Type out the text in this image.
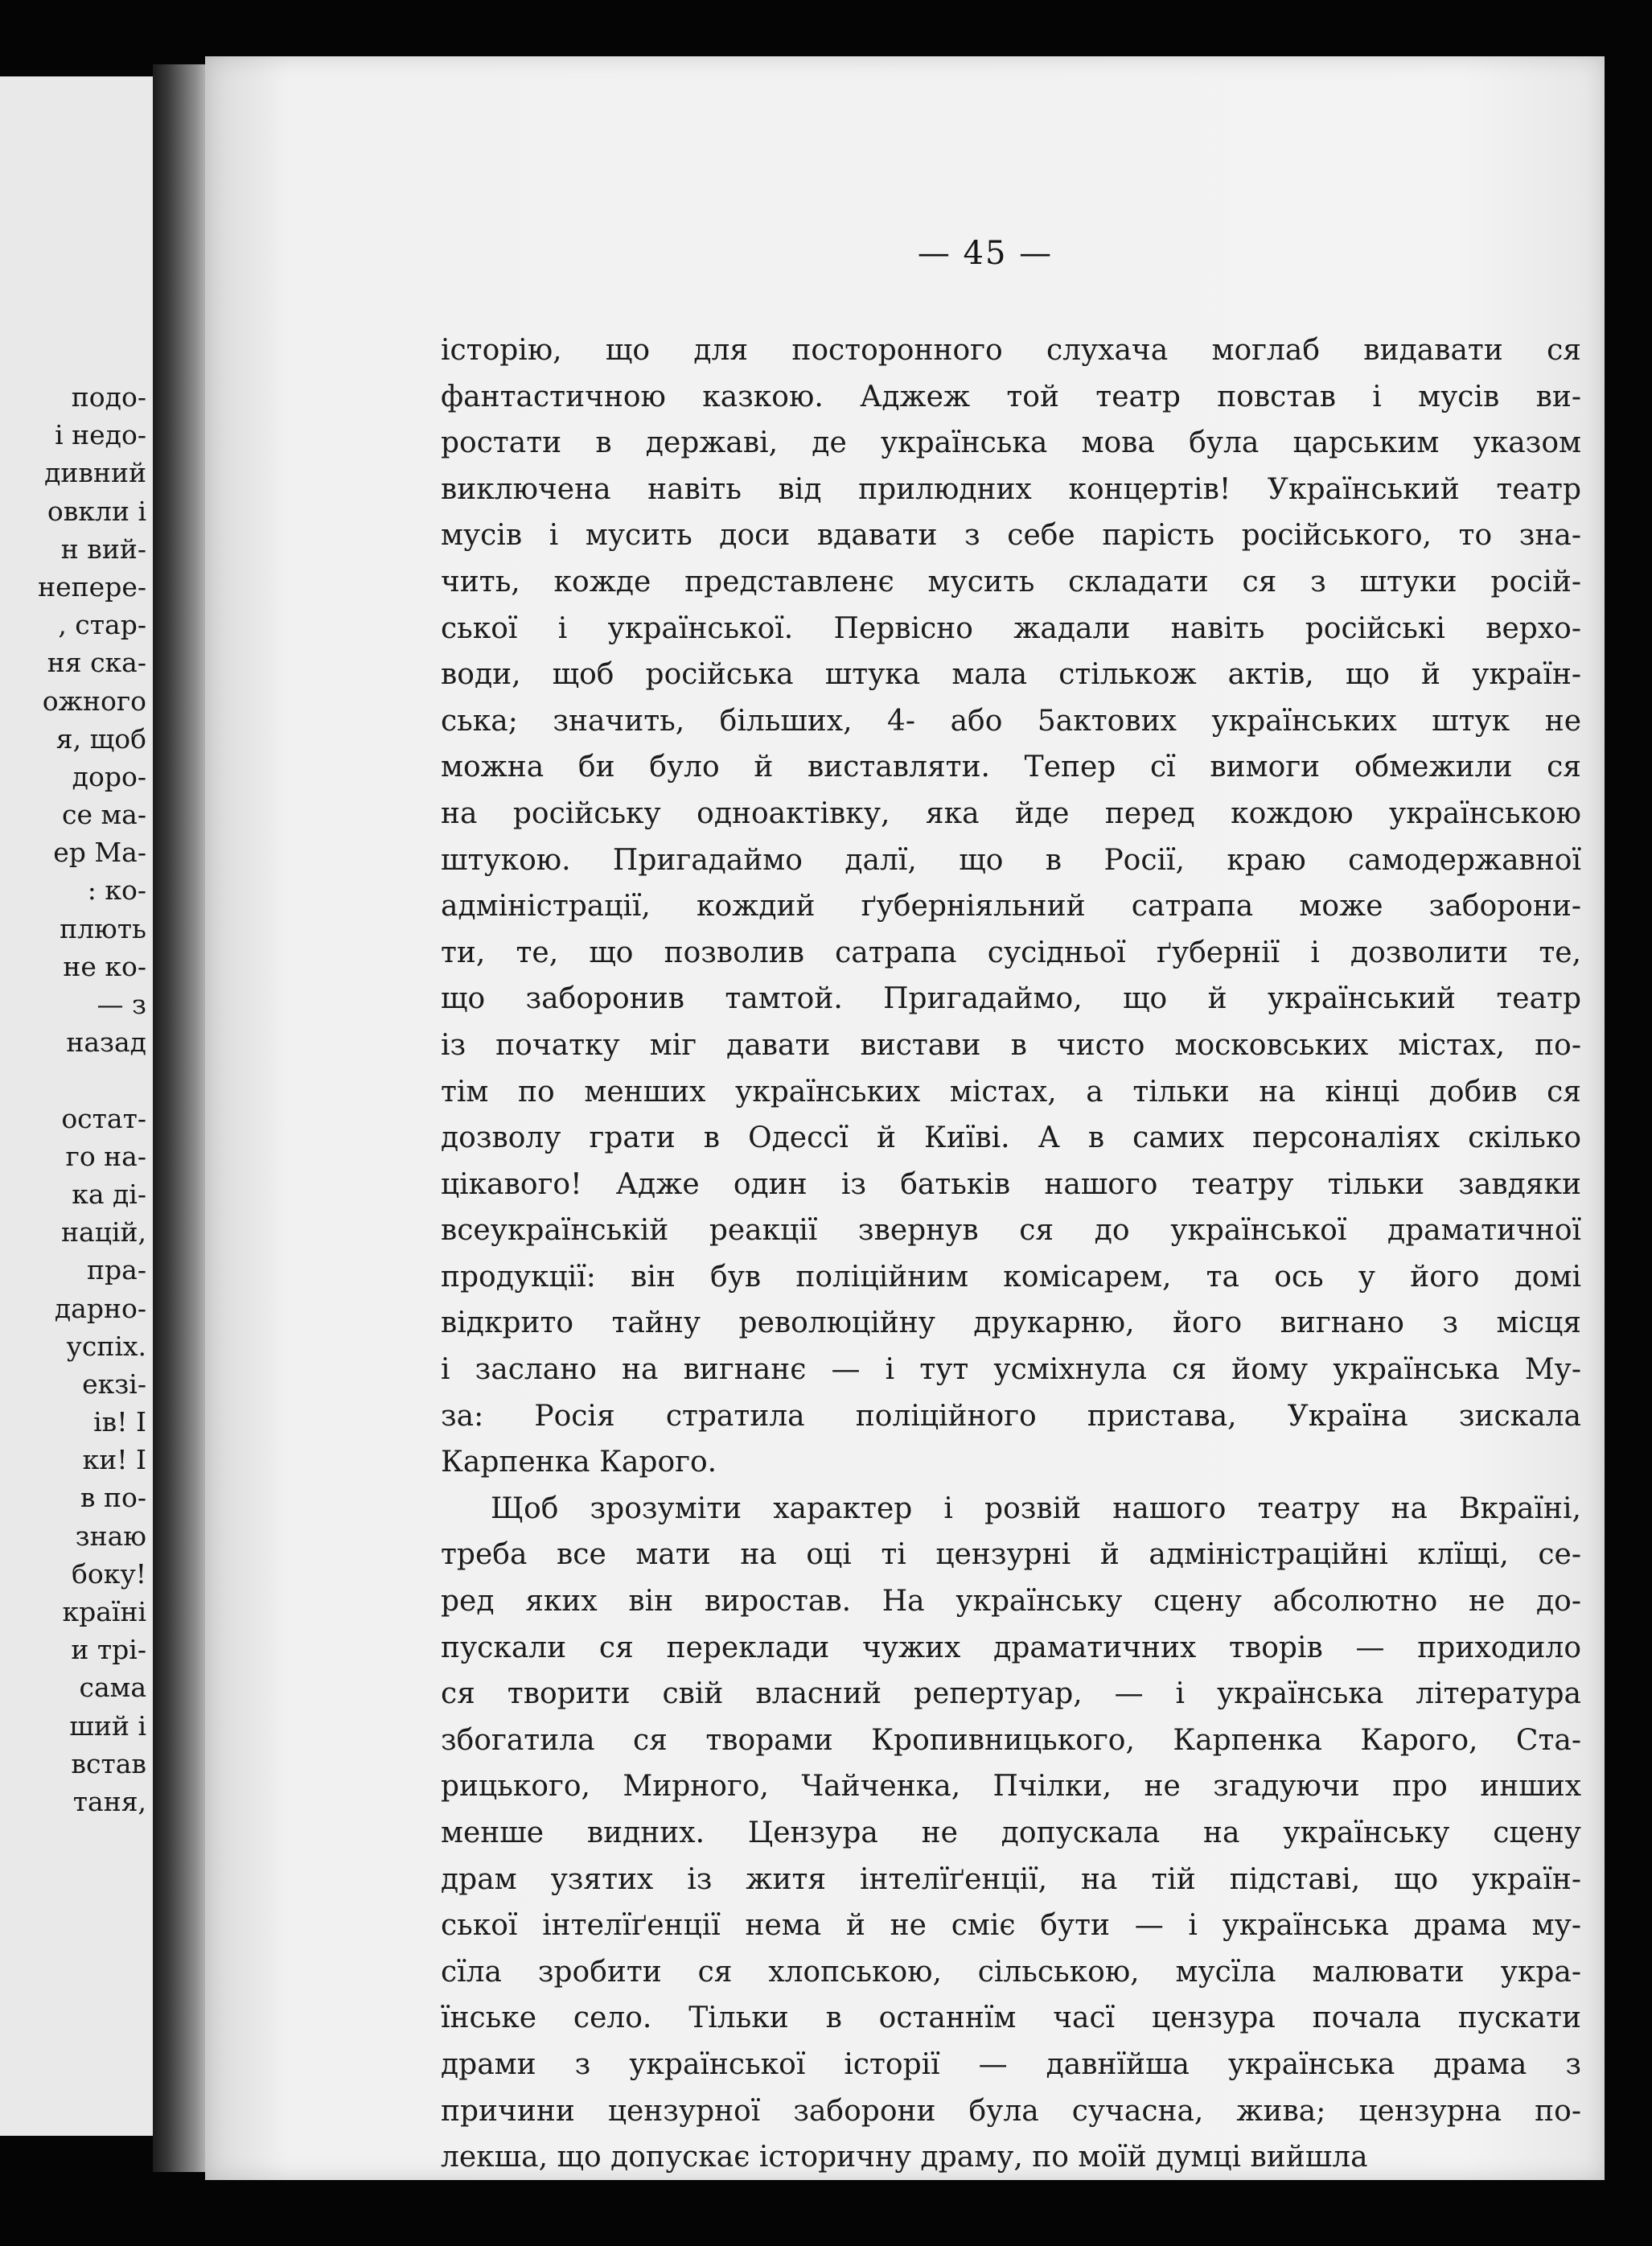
подо-
і недо-
дивний
овкли і
н вий-
непере-
, стар-
ня ска-
ожного
я, щоб
доро-
се ма-
ер Ма-
: ко-
плють
не ко-
— з
назад
остат-
го на-
ка ді-
націй,
пра-
дарно-
успіх.
екзі-
ів! І
ки! І
в по-
знаю
боку!
країні
и трі-
сама
ший і
встав
таня,
— 45 —
історію, що для посторонного слухача моглаб видавати ся
фантастичною казкою. Аджеж той театр повстав і мусів ви-
ростати в державі, де українська мова була царським указом
виключена навіть від прилюдних концертів! Український театр
мусів і мусить доси вдавати з себе парість російського, то зна-
чить, кожде представленє мусить складати ся з штуки росій-
ської і української. Первісно жадали навіть російські верхо-
води, щоб російська штука мала стількож актів, що й україн-
ська; значить, більших, 4- або 5актових українських штук не
можна би було й виставляти. Тепер сї вимоги обмежили ся
на російську одноактівку, яка йде перед кождою українською
штукою. Пригадаймо далї, що в Росії, краю самодержавної
адміністрації, кождий ґуберніяльний сатрапа може заборони-
ти, те, що позволив сатрапа сусідньої ґубернії і дозволити те,
що заборонив тамтой. Пригадаймо, що й український театр
із початку міг давати вистави в чисто московських містах, по-
тім по менших українських містах, а тільки на кінці добив ся
дозволу грати в Одессї й Київі. А в самих персоналіях скілько
цікавого! Адже один із батьків нашого театру тільки завдяки
всеукраїнській реакції звернув ся до української драматичної
продукції: він був поліційним комісарем, та ось у його домі
відкрито тайну революційну друкарню, його вигнано з місця
і заслано на вигнанє — і тут усміхнула ся йому українська Му-
за: Росія стратила поліційного пристава, Україна зискала
Карпенка Карого.
Щоб зрозуміти характер і розвій нашого театру на Вкраїні,
треба все мати на оці ті цензурні й адміністраційні клїщі, се-
ред яких він виростав. На українську сцену абсолютно не до-
пускали ся переклади чужих драматичних творів — приходило
ся творити свій власний репертуар, — і українська література
збогатила ся творами Кропивницького, Карпенка Карого, Ста-
рицького, Мирного, Чайченка, Пчілки, не згадуючи про инших
менше видних. Цензура не допускала на українську сцену
драм узятих із житя інтелїґенції, на тій підставі, що україн-
ської інтелїґенції нема й не сміє бути — і українська драма му-
сїла зробити ся хлопською, сільською, мусїла малювати укра-
їнське село. Тільки в останнїм часї цензура почала пускати
драми з української історії — давнїйша українська драма з
причини цензурної заборони була сучасна, жива; цензурна по-
лекша, що допускає історичну драму, по моїй думці вийшла
